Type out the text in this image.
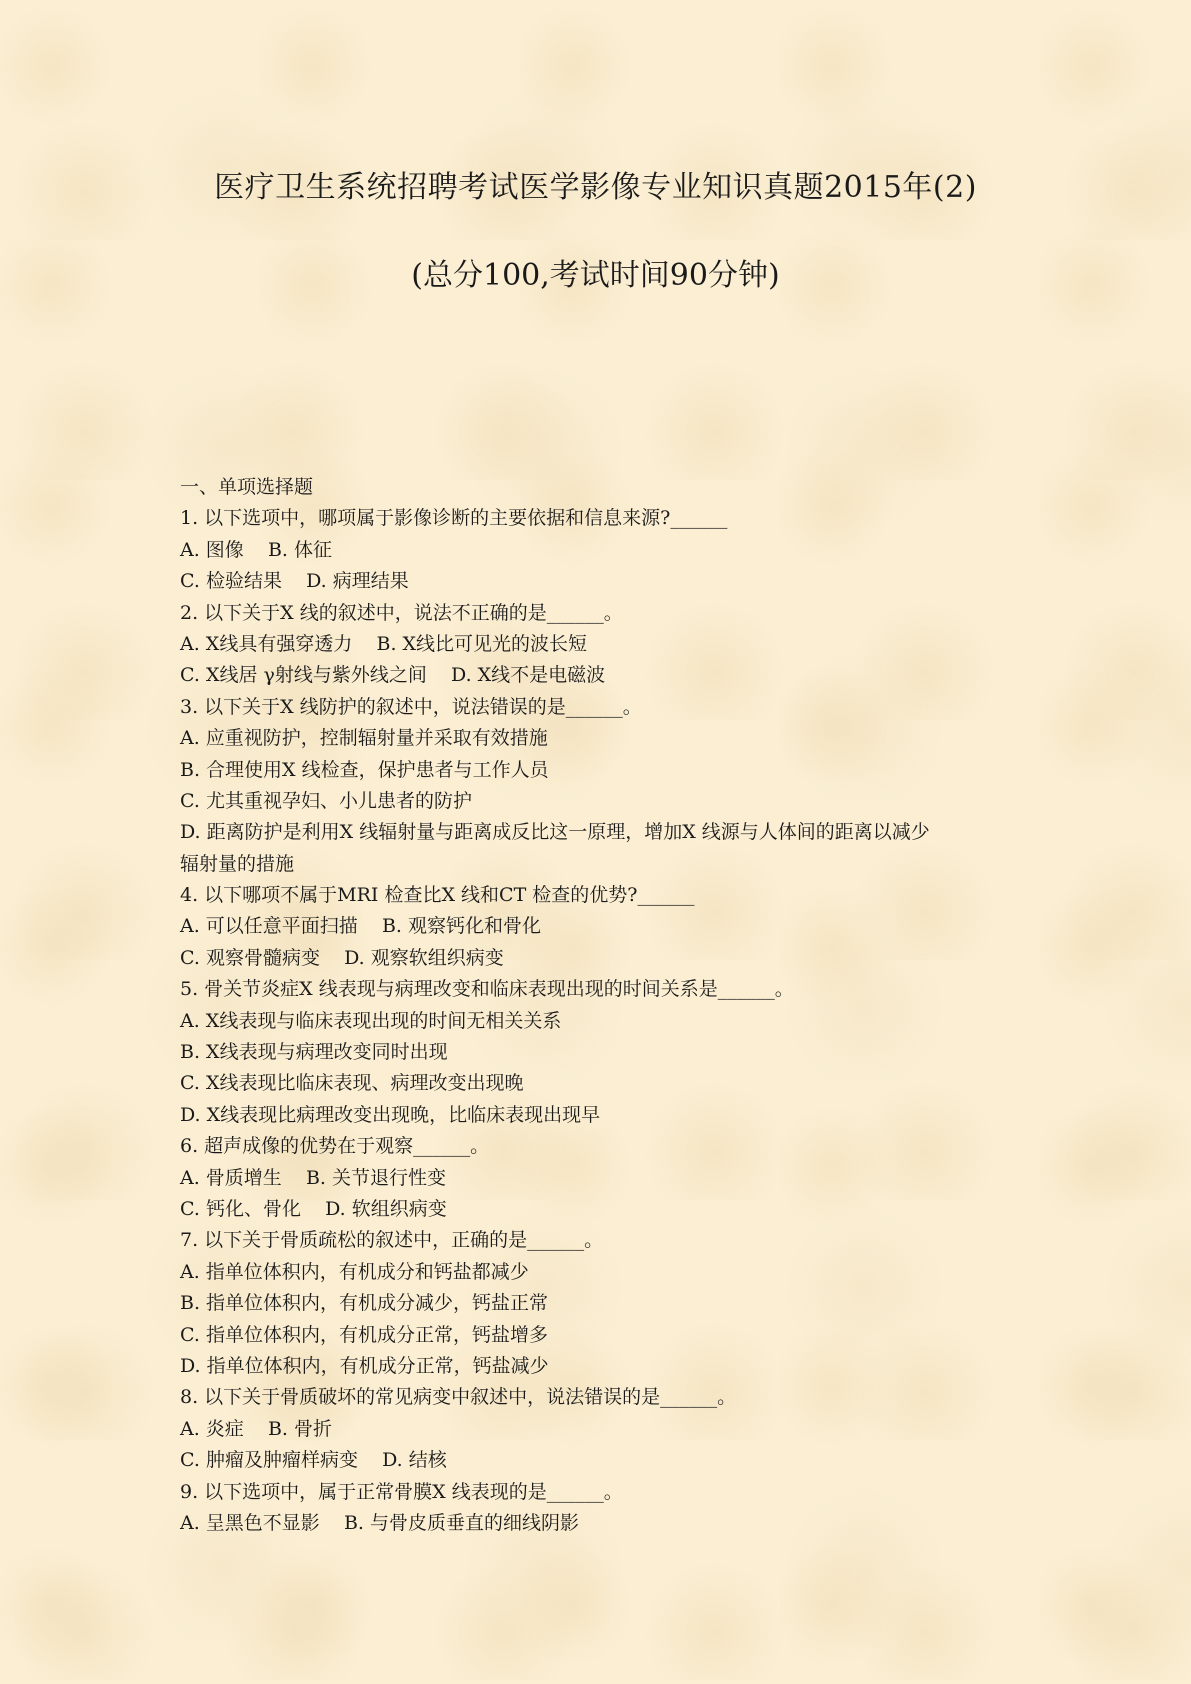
医疗卫生系统招聘考试医学影像专业知识真题2015年(2)
(总分100,考试时间90分钟)
一、单项选择题
1. 以下选项中，哪项属于影像诊断的主要依据和信息来源?______
A. 图像    B. 体征
C. 检验结果    D. 病理结果
2. 以下关于X 线的叙述中，说法不正确的是______。
A. X线具有强穿透力    B. X线比可见光的波长短
C. X线居 γ射线与紫外线之间    D. X线不是电磁波
3. 以下关于X 线防护的叙述中，说法错误的是______。
A. 应重视防护，控制辐射量并采取有效措施
B. 合理使用X 线检查，保护患者与工作人员
C. 尤其重视孕妇、小儿患者的防护
D. 距离防护是利用X 线辐射量与距离成反比这一原理，增加X 线源与人体间的距离以减少
辐射量的措施
4. 以下哪项不属于MRI 检查比X 线和CT 检查的优势?______
A. 可以任意平面扫描    B. 观察钙化和骨化
C. 观察骨髓病变    D. 观察软组织病变
5. 骨关节炎症X 线表现与病理改变和临床表现出现的时间关系是______。
A. X线表现与临床表现出现的时间无相关关系
B. X线表现与病理改变同时出现
C. X线表现比临床表现、病理改变出现晚
D. X线表现比病理改变出现晚，比临床表现出现早
6. 超声成像的优势在于观察______。
A. 骨质增生    B. 关节退行性变
C. 钙化、骨化    D. 软组织病变
7. 以下关于骨质疏松的叙述中，正确的是______。
A. 指单位体积内，有机成分和钙盐都减少
B. 指单位体积内，有机成分减少，钙盐正常
C. 指单位体积内，有机成分正常，钙盐增多
D. 指单位体积内，有机成分正常，钙盐减少
8. 以下关于骨质破坏的常见病变中叙述中，说法错误的是______。
A. 炎症    B. 骨折
C. 肿瘤及肿瘤样病变    D. 结核
9. 以下选项中，属于正常骨膜X 线表现的是______。
A. 呈黑色不显影    B. 与骨皮质垂直的细线阴影
